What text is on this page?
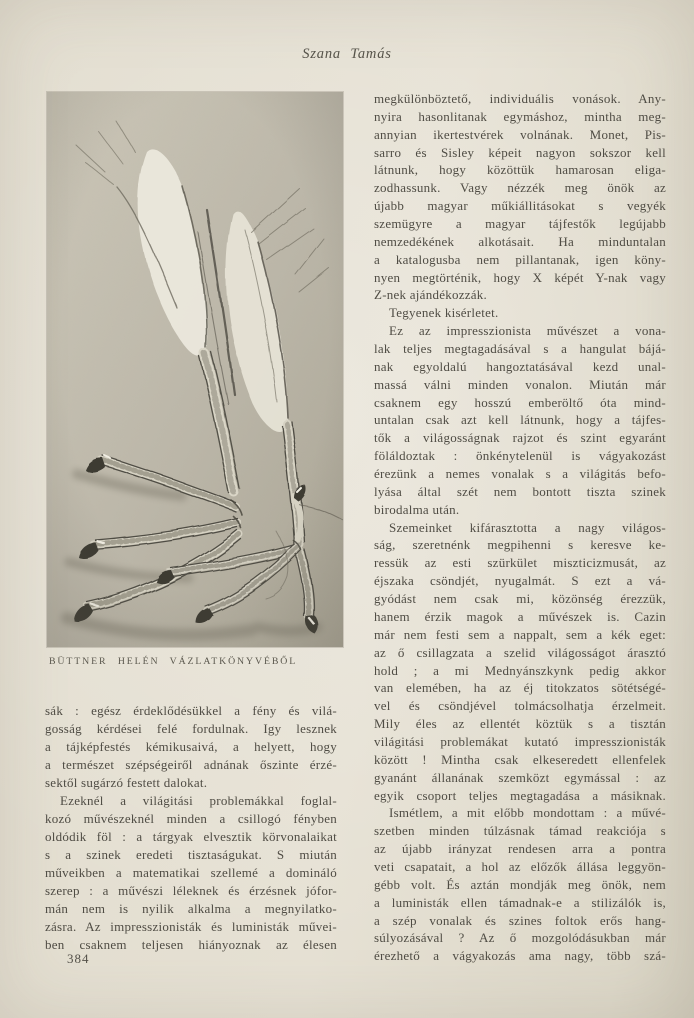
Szana Tamás
BÜTTNER HELÉN VÁZLATKÖNYVÉBŐL
sák : egész érdeklődésükkel a fény és vilá-
gosság kérdései felé fordulnak. Igy lesznek
a tájképfestés kémikusaivá, a helyett, hogy
a természet szépségeiről adnának őszinte érzé-
sektől sugárzó festett dalokat.
Ezeknél a világitási problemákkal foglal-
kozó művészeknél minden a csillogó fényben
oldódik föl : a tárgyak elvesztik körvonalaikat
s a szinek eredeti tisztaságukat. S miután
műveikben a matematikai szellemé a domináló
szerep : a művészi léleknek és érzésnek jófor-
mán nem is nyilik alkalma a megnyilatko-
zásra. Az impresszionisták és luministák művei-
ben csaknem teljesen hiányoznak az élesen
megkülönböztető, individuális vonások. Any-
nyira hasonlitanak egymáshoz, mintha meg-
annyian ikertestvérek volnának. Monet, Pis-
sarro és Sisley képeit nagyon sokszor kell
látnunk, hogy közöttük hamarosan eliga-
zodhassunk. Vagy nézzék meg önök az
újabb magyar műkiállitásokat s vegyék
szemügyre a magyar tájfestők legújabb
nemzedékének alkotásait. Ha minduntalan
a katalogusba nem pillantanak, igen köny-
nyen megtörténik, hogy X képét Y-nak vagy
Z-nek ajándékozzák.
Tegyenek kisérletet.
Ez az impresszionista művészet a vona-
lak teljes megtagadásával s a hangulat bájá-
nak egyoldalú hangoztatásával kezd unal-
massá válni minden vonalon. Miután már
csaknem egy hosszú emberöltő óta mind-
untalan csak azt kell látnunk, hogy a tájfes-
tők a világosságnak rajzot és szint egyaránt
föláldoztak : önkénytelenül is vágyakozást
érezünk a nemes vonalak s a világitás befo-
lyása által szét nem bontott tiszta szinek
birodalma után.
Szemeinket kifárasztotta a nagy világos-
ság, szeretnénk megpihenni s keresve ke-
ressük az esti szürkület miszticizmusát, az
éjszaka csöndjét, nyugalmát. S ezt a vá-
gyódást nem csak mi, közönség érezzük,
hanem érzik magok a művészek is. Cazin
már nem festi sem a nappalt, sem a kék eget:
az ő csillagzata a szelid világosságot árasztó
hold ; a mi Mednyánszkynk pedig akkor
van elemében, ha az éj titokzatos sötétségé-
vel és csöndjével tolmácsolhatja érzelmeit.
Mily éles az ellentét köztük s a tisztán
világitási problemákat kutató impresszionisták
között ! Mintha csak elkeseredett ellenfelek
gyanánt állanának szemközt egymással : az
egyik csoport teljes megtagadása a másiknak.
Ismétlem, a mit előbb mondottam : a művé-
szetben minden túlzásnak támad reakciója s
az újabb irányzat rendesen arra a pontra
veti csapatait, a hol az előzők állása leggyön-
gébb volt. És aztán mondják meg önök, nem
a luministák ellen támadnak-e a stilizálók is,
a szép vonalak és szines foltok erős hang-
súlyozásával ? Az ő mozgolódásukban már
érezhető a vágyakozás ama nagy, több szá-
384
